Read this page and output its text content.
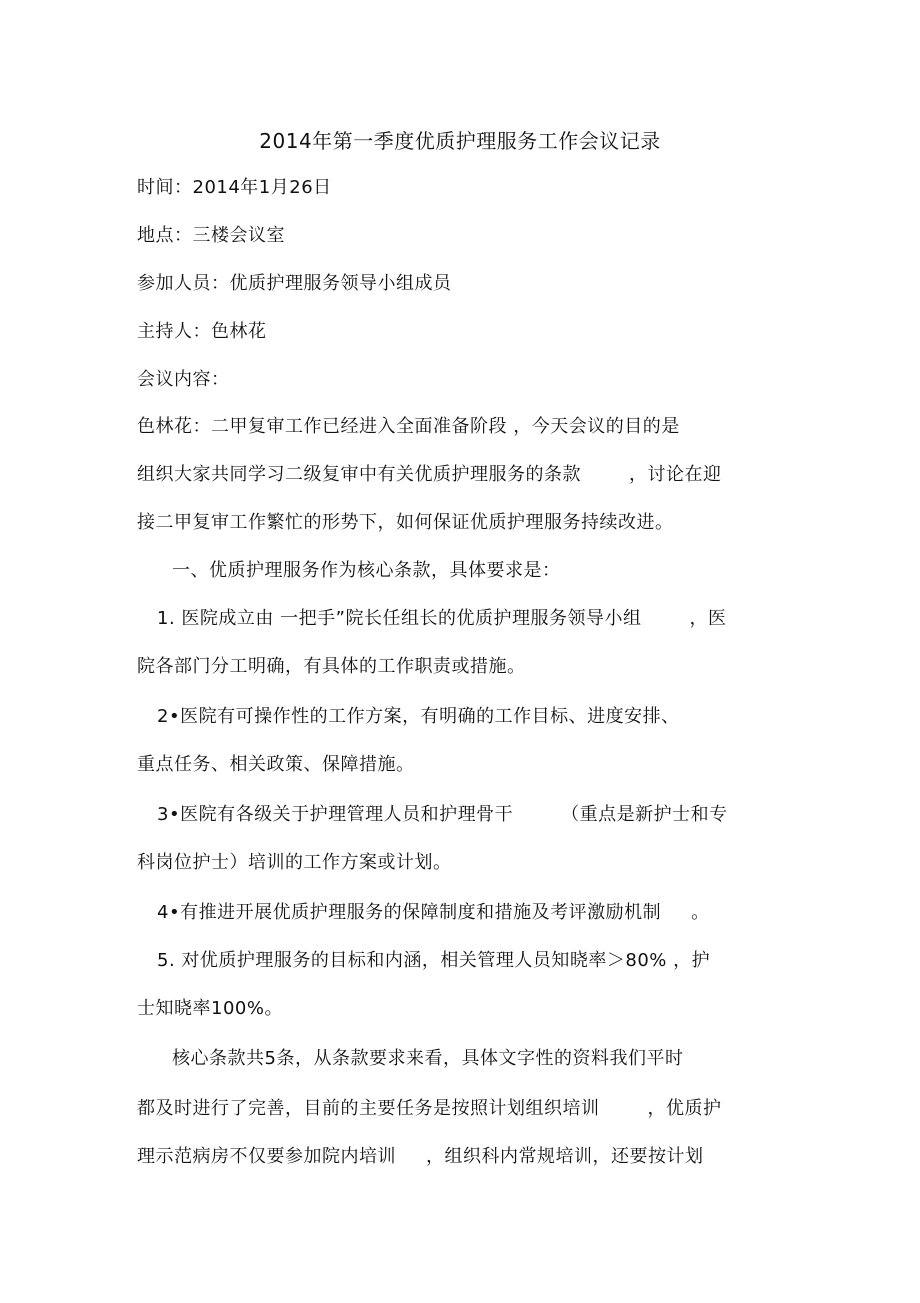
2014年第一季度优质护理服务工作会议记录
时间：2014年1月26日
地点：三楼会议室
参加人员：优质护理服务领导小组成员
主持人：色林花
会议内容：
色林花：二甲复审工作已经进入全面准备阶段 ，今天会议的目的是
组织大家共同学习二级复审中有关优质护理服务的条款	，讨论在迎
接二甲复审工作繁忙的形势下，如何保证优质护理服务持续改进。
一、优质护理服务作为核心条款，具体要求是：
1. 医院成立由 一把手”院长任组长的优质护理服务领导小组	，医
院各部门分工明确，有具体的工作职责或措施。
2•医院有可操作性的工作方案，有明确的工作目标、进度安排、
重点任务、相关政策、保障措施。
3•医院有各级关于护理管理人员和护理骨干	（重点是新护士和专
科岗位护士）培训的工作方案或计划。
4•有推进开展优质护理服务的保障制度和措施及考评激励机制 。
5. 对优质护理服务的目标和内涵，相关管理人员知晓率＞80% ，护
士知晓率100%。
核心条款共5条，从条款要求来看，具体文字性的资料我们平时
都及时进行了完善，目前的主要任务是按照计划组织培训	，优质护
理示范病房不仅要参加院内培训 ，组织科内常规培训，还要按计划
